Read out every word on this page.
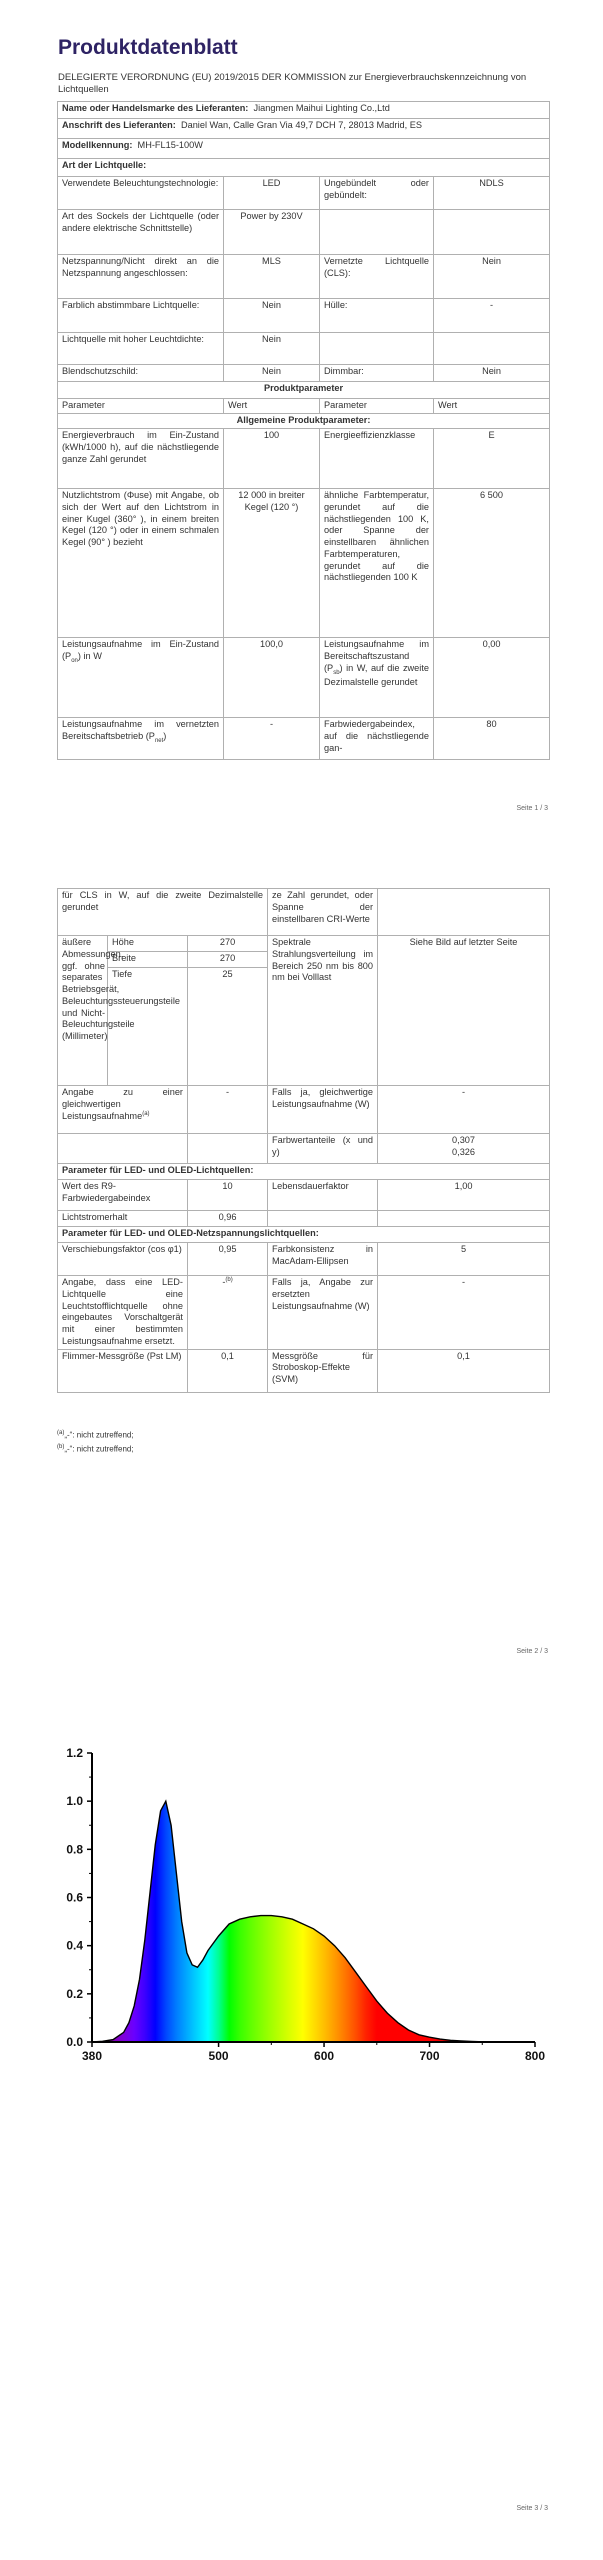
Produktdatenblatt
DELEGIERTE VERORDNUNG (EU) 2019/2015 DER KOMMISSION zur Energieverbrauchskennzeichnung von Lichtquellen
Name oder Handelsmarke des Lieferanten: Jiangmen Maihui Lighting Co.,Ltd			
Anschrift des Lieferanten: Daniel Wan, Calle Gran Via 49,7 DCH 7, 28013 Madrid, ES			
Modellkennung: MH-FL15-100W			
Art der Lichtquelle:			
Verwendete Beleuchtungstechnologie:	LED	Ungebündelt oder gebündelt:	NDLS
Art des Sockels der Lichtquelle (oder andere elektrische Schnittstelle)	Power by 230V		
Netzspannung/Nicht direkt an die Netzspannung angeschlossen:	MLS	Vernetzte Lichtquelle (CLS):	Nein
Farblich abstimmbare Lichtquelle:	Nein	Hülle:	-
Lichtquelle mit hoher Leuchtdichte:	Nein		
Blendschutzschild:	Nein	Dimmbar:	Nein
Produktparameter			
Parameter	Wert	Parameter	Wert
Allgemeine Produktparameter:			
Energieverbrauch im Ein-Zustand (kWh/1000 h), auf die nächstliegende ganze Zahl gerundet	100	Energieeffizienzklasse	E
Nutzlichtstrom (Φuse) mit Angabe, ob sich der Wert auf den Lichtstrom in einer Kugel (360° ), in einem breiten Kegel (120 °) oder in einem schmalen Kegel (90° ) bezieht	12 000 in breiter Kegel (120 °)	ähnliche Farbtemperatur, gerundet auf die nächstliegenden 100 K, oder Spanne der einstellbaren ähnlichen Farbtemperaturen, gerundet auf die nächstliegenden 100 K	6 500
Leistungsaufnahme im Ein-Zustand $(P_{on})$ in W	100,0	Leistungsaufnahme im Bereitschaftszustand $(P_{sb})$ in W, auf die zweite Dezimalstelle gerundet	0,00
Leistungsaufnahme im vernetzten Bereitschaftsbetrieb $(P_{net})$	-	Farbwiedergabeindex, auf die nächstliegende gan-	80
Seite 1 / 3
für CLS in W, auf die zweite Dezimalstelle gerundet			ze Zahl gerundet, oder Spanne der einstellbaren CRI-Werte	
äußere Abmessungen, ggf. ohne separates Betriebsgerät, Beleuchtungssteuerungsteile und Nicht-Beleuchtungsteile (Millimeter)	Höhe	270	Spektrale Strahlungsverteilung im Bereich 250 nm bis 800 nm bei Volllast	Siehe Bild auf letzter Seite
	Breite	270		
	Tiefe	25		
Angabe zu einer gleichwertigen Leistungsaufnahme$^{(a)}$		-	Falls ja, gleichwertige Leistungsaufnahme (W)	-
			Farbwertanteile (x und y)	0,307
0,326

Parameter für LED- und OLED-Lichtquellen:				
Wert des R9-Farbwiedergabeindex		10	Lebensdauerfaktor	1,00
Lichtstromerhalt		0,96		
Parameter für LED- und OLED-Netzspannungslichtquellen:				
Verschiebungsfaktor (cos φ1)		0,95	Farbkonsistenz in MacAdam-Ellipsen	5
Angabe, dass eine LED-Lichtquelle eine Leuchtstofflichtquelle ohne eingebautes Vorschaltgerät mit einer bestimmten Leistungsaufnahme ersetzt.		-$^{(b)}$	Falls ja, Angabe zur ersetzten Leistungsaufnahme (W)	-
Flimmer-Messgröße (Pst LM)		0,1	Messgröße für Stroboskop-Effekte (SVM)	0,1
$^{(a)}$„-“: nicht zutreffend;
$^{(b)}$„-“: nicht zutreffend;
Seite 2 / 3
0.0
0.2
0.4
0.6
0.8
1.0
1.2
380	500	600	700	800
Seite 3 / 3
